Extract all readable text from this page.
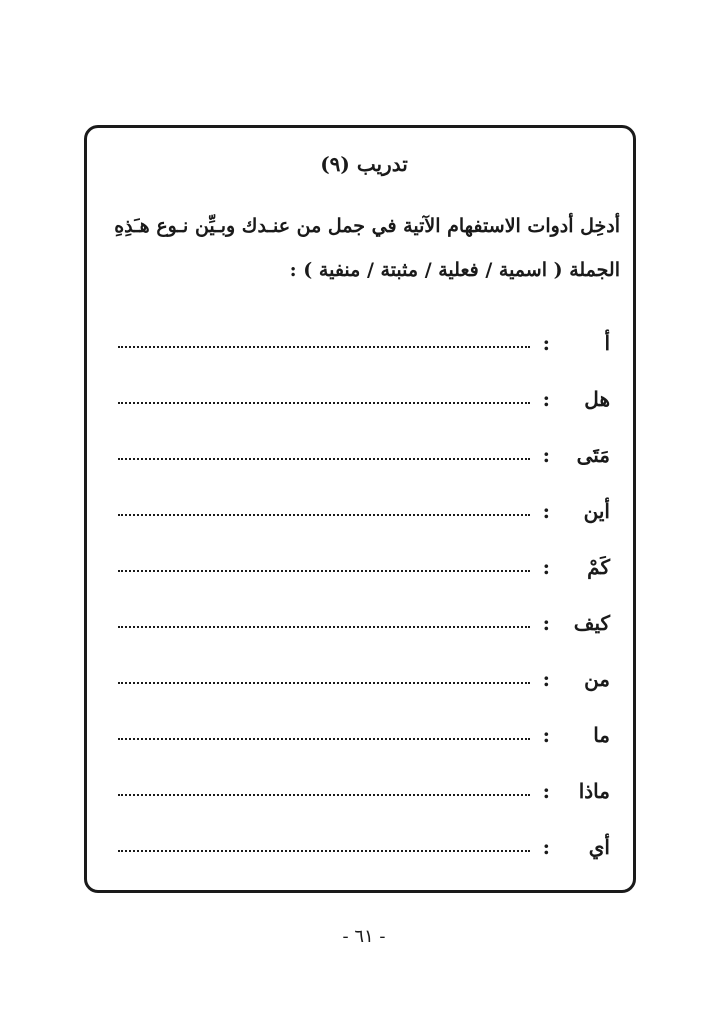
تدريب (٩)
أدخِل أدوات الاستفهام الآتية في جمل من عنـدك وبـيِّن نـوع هـَذِهِ
الجملة ( اسمية / فعلية / مثبتة / منفية ) :
أ
:
هل
:
مَتَى
:
أين
:
كَمْ
:
كيف
:
من
:
ما
:
ماذا
:
أي
:
- ٦١ -
